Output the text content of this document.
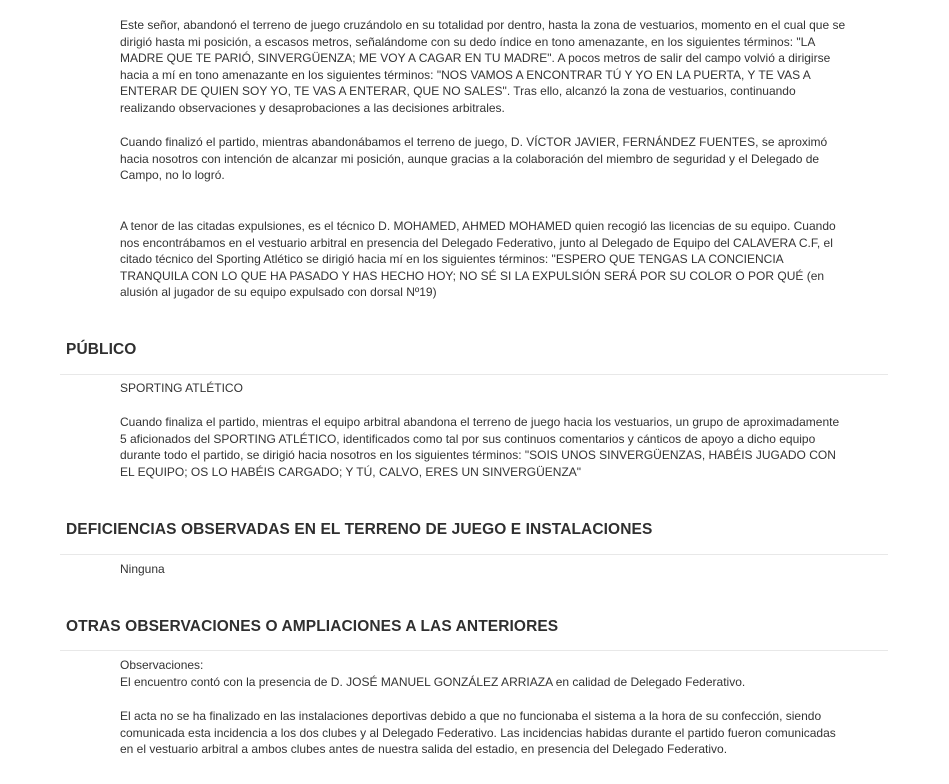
Este señor, abandonó el terreno de juego cruzándolo en su totalidad por dentro, hasta la zona de vestuarios, momento en el cual que se dirigió hasta mi posición, a escasos metros, señalándome con su dedo índice en tono amenazante, en los siguientes términos: "LA MADRE QUE TE PARIÓ, SINVERGÜENZA; ME VOY A CAGAR EN TU MADRE". A pocos metros de salir del campo volvió a dirigirse hacia a mí en tono amenazante en los siguientes términos: "NOS VAMOS A ENCONTRAR TÚ Y YO EN LA PUERTA, Y TE VAS A ENTERAR DE QUIEN SOY YO, TE VAS A ENTERAR, QUE NO SALES". Tras ello, alcanzó la zona de vestuarios, continuando realizando observaciones y desaprobaciones a las decisiones arbitrales.

Cuando finalizó el partido, mientras abandonábamos el terreno de juego, D. VÍCTOR JAVIER, FERNÁNDEZ FUENTES, se aproximó hacia nosotros con intención de alcanzar mi posición, aunque gracias a la colaboración del miembro de seguridad y el Delegado de Campo, no lo logró.

A tenor de las citadas expulsiones, es el técnico D. MOHAMED, AHMED MOHAMED quien recogió las licencias de su equipo. Cuando nos encontrábamos en el vestuario arbitral en presencia del Delegado Federativo, junto al Delegado de Equipo del CALAVERA C.F, el citado técnico del Sporting Atlético se dirigió hacia mí en los siguientes términos: "ESPERO QUE TENGAS LA CONCIENCIA TRANQUILA CON LO QUE HA PASADO Y HAS HECHO HOY; NO SÉ SI LA EXPULSIÓN SERÁ POR SU COLOR O POR QUÉ (en alusión al jugador de su equipo expulsado con dorsal Nº19)

PÚBLICO

SPORTING ATLÉTICO

Cuando finaliza el partido, mientras el equipo arbitral abandona el terreno de juego hacia los vestuarios, un grupo de aproximadamente 5 aficionados del SPORTING ATLÉTICO, identificados como tal por sus continuos comentarios y cánticos de apoyo a dicho equipo durante todo el partido, se dirigió hacia nosotros en los siguientes términos: "SOIS UNOS SINVERGÜENZAS, HABÉIS JUGADO CON EL EQUIPO; OS LO HABÉIS CARGADO; Y TÚ, CALVO, ERES UN SINVERGÜENZA"

DEFICIENCIAS OBSERVADAS EN EL TERRENO DE JUEGO E INSTALACIONES

Ninguna

OTRAS OBSERVACIONES O AMPLIACIONES A LAS ANTERIORES

Observaciones:
El encuentro contó con la presencia de D. JOSÉ MANUEL GONZÁLEZ ARRIAZA en calidad de Delegado Federativo.

El acta no se ha finalizado en las instalaciones deportivas debido a que no funcionaba el sistema a la hora de su confección, siendo comunicada esta incidencia a los dos clubes y al Delegado Federativo. Las incidencias habidas durante el partido fueron comunicadas en el vestuario arbitral a ambos clubes antes de nuestra salida del estadio, en presencia del Delegado Federativo.
